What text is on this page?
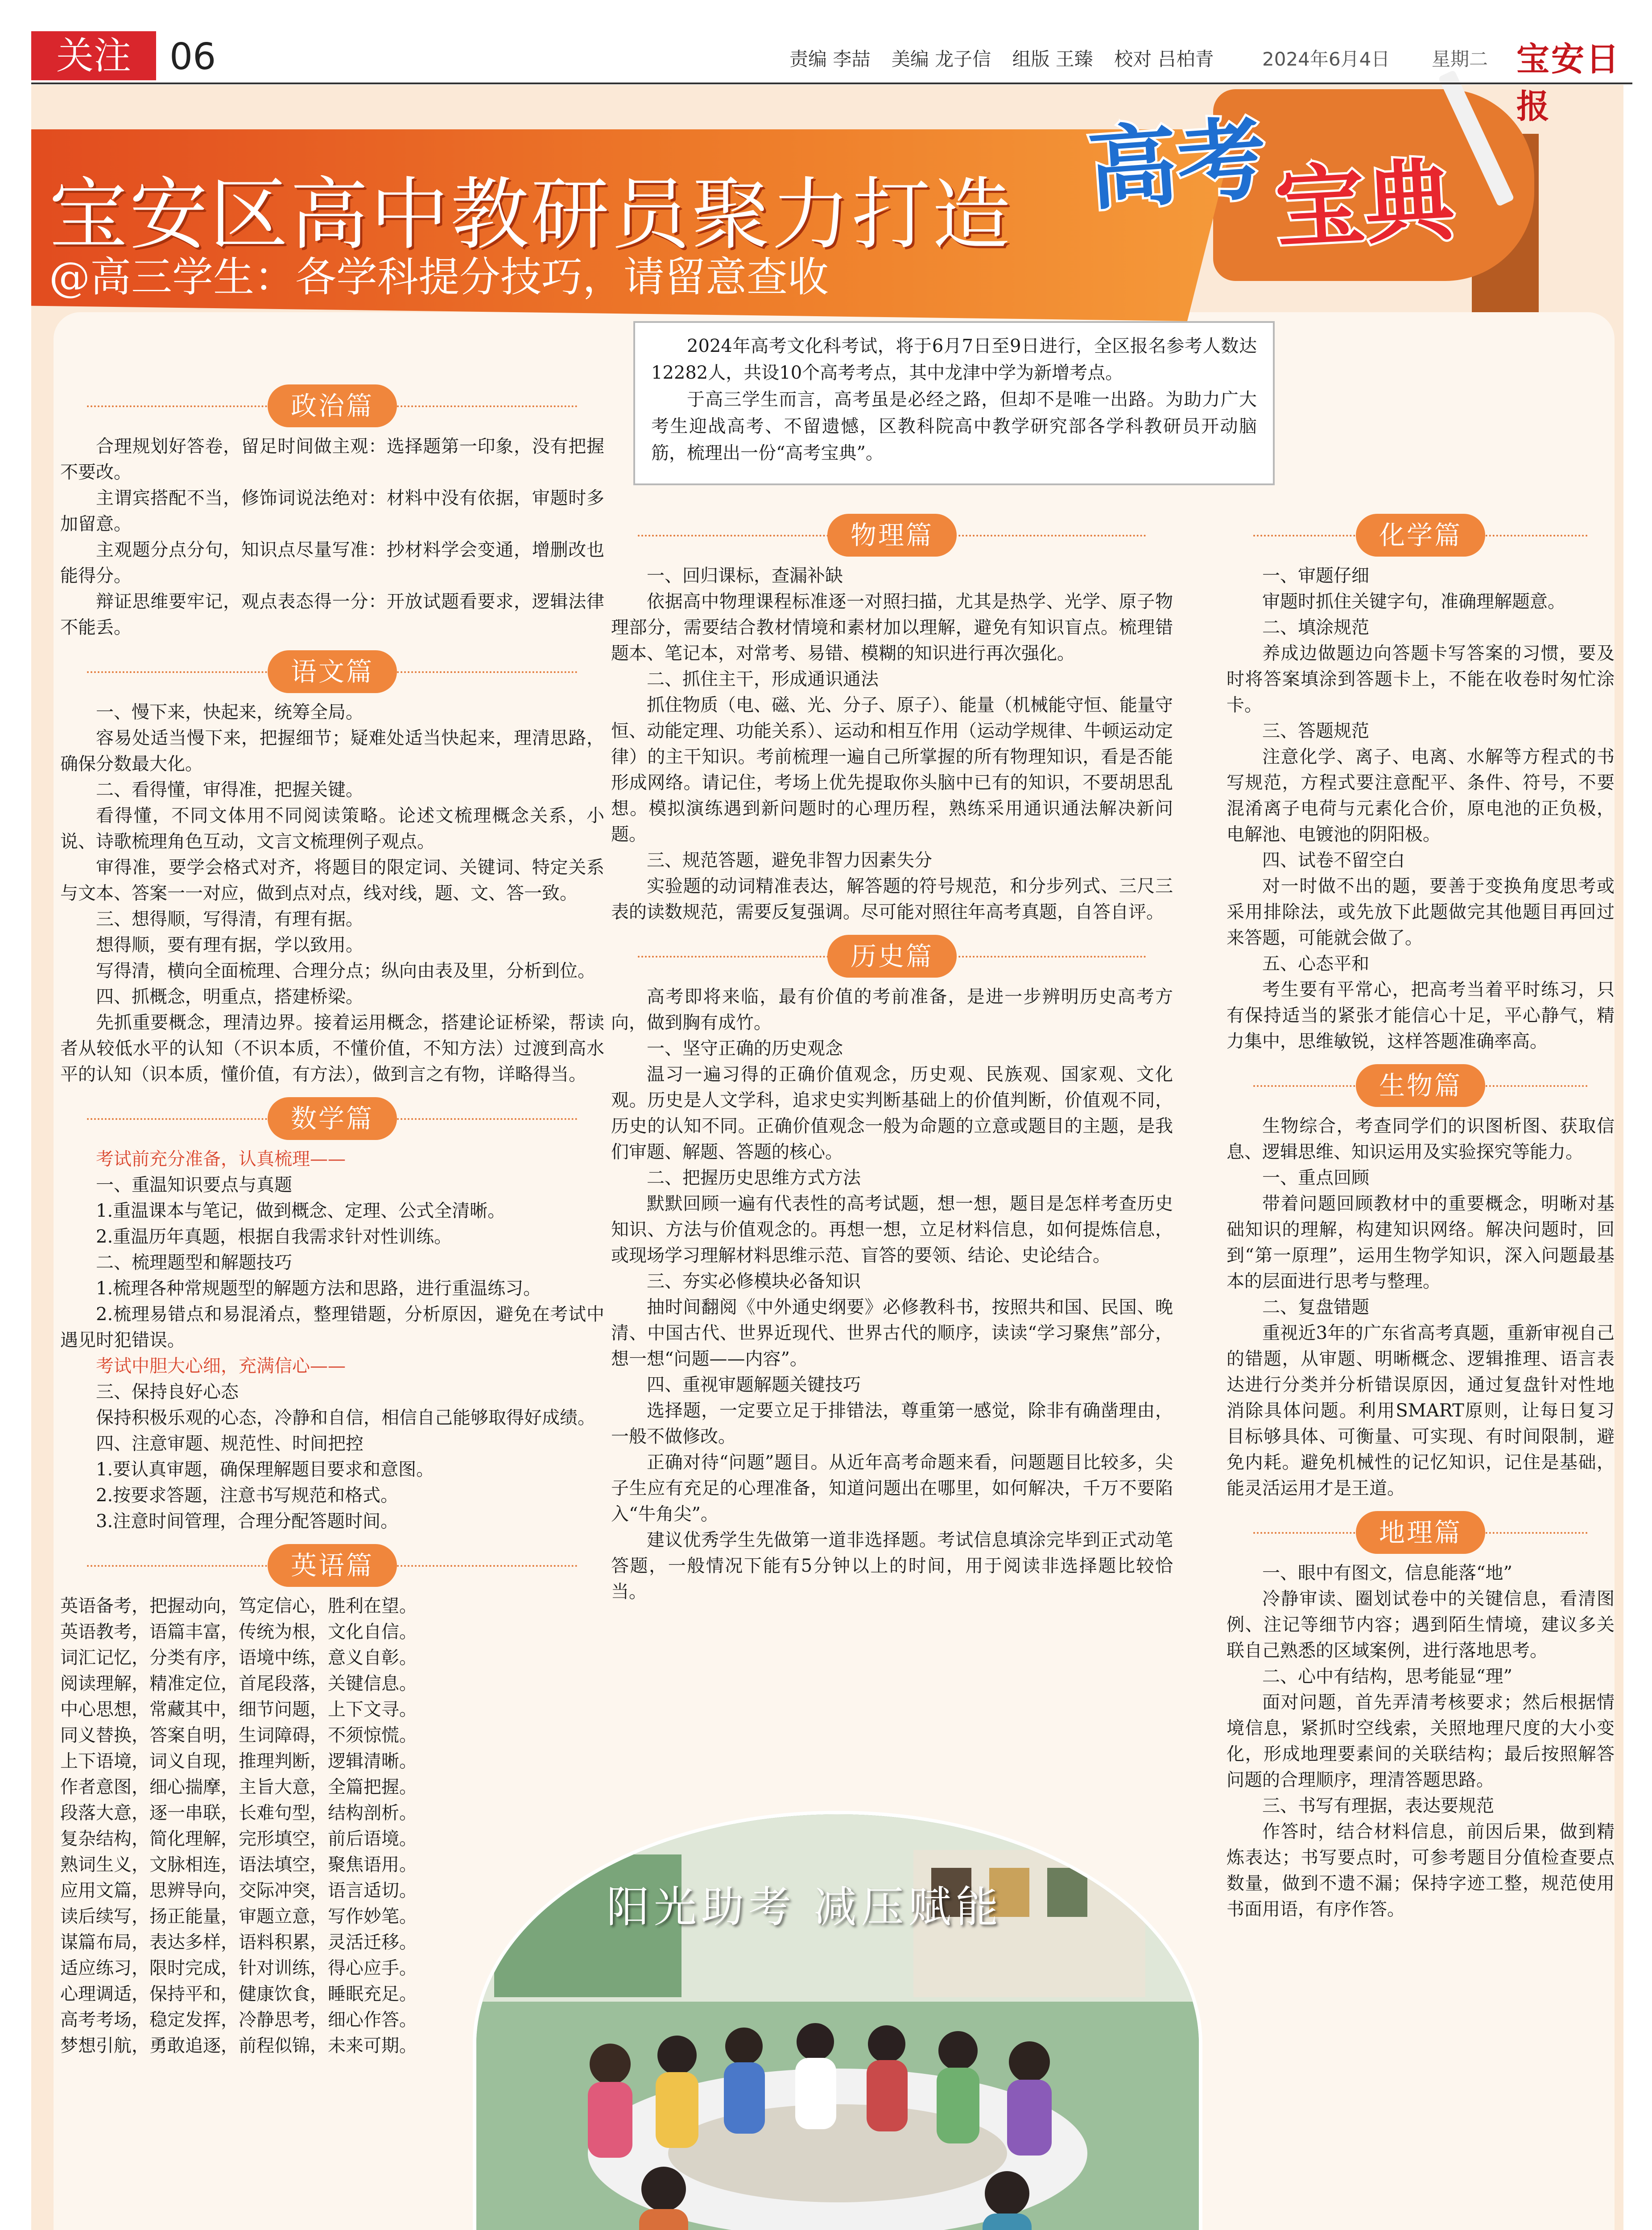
关注	06	责编 李喆 美编 龙子信 组版 王臻 校对 吕柏青	2024年6月4日 星期二 宝安日报
宝安区高中教研员聚力打造
@高三学生：各学科提分技巧，请留意查收
高考 宝典

2024年高考文化科考试，将于6月7日至9日进行，全区报名参考人数达12282人，共设10个高考考点，其中龙津中学为新增考点。

于高三学生而言，高考虽是必经之路，但却不是唯一出路。为助力广大考生迎战高考、不留遗憾，区教科院高中教学研究部各学科教研员开动脑筋，梳理出一份“高考宝典”。

政治篇

合理规划好答卷，留足时间做主观：选择题第一印象，没有把握不要改。

主谓宾搭配不当，修饰词说法绝对：材料中没有依据，审题时多加留意。

主观题分点分句，知识点尽量写准：抄材料学会变通，增删改也能得分。

辩证思维要牢记，观点表态得一分：开放试题看要求，逻辑法律不能丢。

语文篇

一、慢下来，快起来，统筹全局。

容易处适当慢下来，把握细节；疑难处适当快起来，理清思路，确保分数最大化。

二、看得懂，审得准，把握关键。

看得懂，不同文体用不同阅读策略。论述文梳理概念关系，小说、诗歌梳理角色互动，文言文梳理例子观点。

审得准，要学会格式对齐，将题目的限定词、关键词、特定关系与文本、答案一一对应，做到点对点，线对线，题、文、答一致。

三、想得顺，写得清，有理有据。

想得顺，要有理有据，学以致用。

写得清，横向全面梳理、合理分点；纵向由表及里，分析到位。

四、抓概念，明重点，搭建桥梁。

先抓重要概念，理清边界。接着运用概念，搭建论证桥梁，帮读者从较低水平的认知（不识本质，不懂价值，不知方法）过渡到高水平的认知（识本质，懂价值，有方法），做到言之有物，详略得当。

数学篇

考试前充分准备，认真梳理——

一、重温知识要点与真题

1.重温课本与笔记，做到概念、定理、公式全清晰。

2.重温历年真题，根据自我需求针对性训练。

二、梳理题型和解题技巧

1.梳理各种常规题型的解题方法和思路，进行重温练习。

2.梳理易错点和易混淆点，整理错题，分析原因，避免在考试中遇见时犯错误。

考试中胆大心细，充满信心——

三、保持良好心态

保持积极乐观的心态，冷静和自信，相信自己能够取得好成绩。

四、注意审题、规范性、时间把控

1.要认真审题，确保理解题目要求和意图。

2.按要求答题，注意书写规范和格式。

3.注意时间管理，合理分配答题时间。

英语篇

英语备考，把握动向，笃定信心，胜利在望。

英语教考，语篇丰富，传统为根，文化自信。

词汇记忆，分类有序，语境中练，意义自彰。

阅读理解，精准定位，首尾段落，关键信息。

中心思想，常藏其中，细节问题，上下文寻。

同义替换，答案自明，生词障碍，不须惊慌。

上下语境，词义自现，推理判断，逻辑清晰。

作者意图，细心揣摩，主旨大意，全篇把握。

段落大意，逐一串联，长难句型，结构剖析。

复杂结构，简化理解，完形填空，前后语境。

熟词生义，文脉相连，语法填空，聚焦语用。

应用文篇，思辨导向，交际冲突，语言适切。

读后续写，扬正能量，审题立意，写作妙笔。

谋篇布局，表达多样，语料积累，灵活迁移。

适应练习，限时完成，针对训练，得心应手。

心理调适，保持平和，健康饮食，睡眠充足。

高考考场，稳定发挥，冷静思考，细心作答。

梦想引航，勇敢追逐，前程似锦，未来可期。

物理篇

一、回归课标，查漏补缺

依据高中物理课程标准逐一对照扫描，尤其是热学、光学、原子物理部分，需要结合教材情境和素材加以理解，避免有知识盲点。梳理错题本、笔记本，对常考、易错、模糊的知识进行再次强化。

二、抓住主干，形成通识通法

抓住物质（电、磁、光、分子、原子）、能量（机械能守恒、能量守恒、动能定理、功能关系）、运动和相互作用（运动学规律、牛顿运动定律）的主干知识。考前梳理一遍自己所掌握的所有物理知识，看是否能形成网络。请记住，考场上优先提取你头脑中已有的知识，不要胡思乱想。模拟演练遇到新问题时的心理历程，熟练采用通识通法解决新问题。

三、规范答题，避免非智力因素失分

实验题的动词精准表达，解答题的符号规范，和分步列式、三尺三表的读数规范，需要反复强调。尽可能对照往年高考真题，自答自评。

历史篇

高考即将来临，最有价值的考前准备，是进一步辨明历史高考方向，做到胸有成竹。

一、坚守正确的历史观念

温习一遍习得的正确价值观念，历史观、民族观、国家观、文化观。历史是人文学科，追求史实判断基础上的价值判断，价值观不同，历史的认知不同。正确价值观念一般为命题的立意或题目的主题，是我们审题、解题、答题的核心。

二、把握历史思维方式方法

默默回顾一遍有代表性的高考试题，想一想，题目是怎样考查历史知识、方法与价值观念的。再想一想，立足材料信息，如何提炼信息，或现场学习理解材料思维示范、盲答的要领、结论、史论结合。

三、夯实必修模块必备知识

抽时间翻阅《中外通史纲要》必修教科书，按照共和国、民国、晚清、中国古代、世界近现代、世界古代的顺序，读读“学习聚焦”部分，想一想“问题——内容”。

四、重视审题解题关键技巧

选择题，一定要立足于排错法，尊重第一感觉，除非有确凿理由，一般不做修改。

正确对待“问题”题目。从近年高考命题来看，问题题目比较多，尖子生应有充足的心理准备，知道问题出在哪里，如何解决，千万不要陷入“牛角尖”。

建议优秀学生先做第一道非选择题。考试信息填涂完毕到正式动笔答题，一般情况下能有5分钟以上的时间，用于阅读非选择题比较恰当。

化学篇

一、审题仔细

审题时抓住关键字句，准确理解题意。

二、填涂规范

养成边做题边向答题卡写答案的习惯，要及时将答案填涂到答题卡上，不能在收卷时匆忙涂卡。

三、答题规范

注意化学、离子、电离、水解等方程式的书写规范，方程式要注意配平、条件、符号，不要混淆离子电荷与元素化合价，原电池的正负极，电解池、电镀池的阴阳极。

四、试卷不留空白

对一时做不出的题，要善于变换角度思考或采用排除法，或先放下此题做完其他题目再回过来答题，可能就会做了。

五、心态平和

考生要有平常心，把高考当着平时练习，只有保持适当的紧张才能信心十足，平心静气，精力集中，思维敏锐，这样答题准确率高。

生物篇

生物综合，考查同学们的识图析图、获取信息、逻辑思维、知识运用及实验探究等能力。

一、重点回顾

带着问题回顾教材中的重要概念，明晰对基础知识的理解，构建知识网络。解决问题时，回到“第一原理”，运用生物学知识，深入问题最基本的层面进行思考与整理。

二、复盘错题

重视近3年的广东省高考真题，重新审视自己的错题，从审题、明晰概念、逻辑推理、语言表达进行分类并分析错误原因，通过复盘针对性地消除具体问题。利用SMART原则，让每日复习目标够具体、可衡量、可实现、有时间限制，避免内耗。避免机械性的记忆知识，记住是基础，能灵活运用才是王道。

地理篇

一、眼中有图文，信息能落“地”

冷静审读、圈划试卷中的关键信息，看清图例、注记等细节内容；遇到陌生情境，建议多关联自己熟悉的区域案例，进行落地思考。

二、心中有结构，思考能显“理”

面对问题，首先弄清考核要求；然后根据情境信息，紧抓时空线索，关照地理尺度的大小变化，形成地理要素间的关联结构；最后按照解答问题的合理顺序，理清答题思路。

三、书写有理据，表达要规范

作答时，结合材料信息，前因后果，做到精炼表达；书写要点时，可参考题目分值检查要点数量，做到不遗不漏；保持字迹工整，规范使用书面用语，有序作答。

阳光助考 减压赋能
